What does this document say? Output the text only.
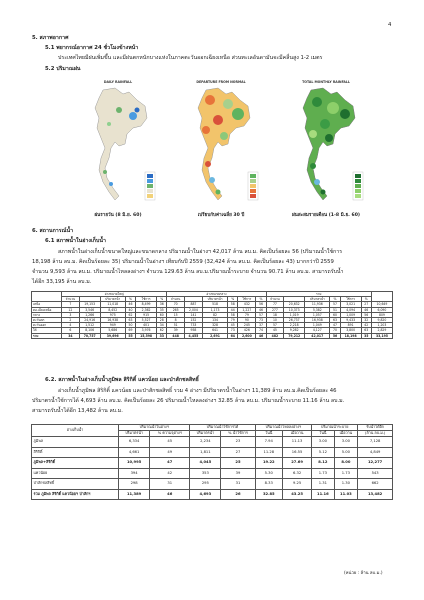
4
5. สภาพอากาศ
5.1 พยากรณ์อากาศ 24 ชั่วโมงข้างหน้า
ประเทศไทยมีฝนเพิ่มขึ้น และมีฝนตกหนักบางแห่งในภาคตะวันออกเฉียงเหนือ ส่วนทะเลอันดามันจะมีคลื่นสูง 1-2 เมตร
5.2 ปริมาณฝน
DAILY RAINFALL	DEPARTURE FROM NORMAL	TOTAL MONTHLY RAINFALL
ฝนรายวัน (8 มิ.ย. 60)	เปรียบกับค่าเฉลี่ย 30 ปี	ฝนสะสมรายเดือน (1-8 มิ.ย. 60)
6. สถานการณ์น้ำ
6.1 สภาพน้ำในอ่างเก็บน้ำ
สภาพน้ำในอ่างเก็บน้ำขนาดใหญ่และขนาดกลาง ปริมาณน้ำในอ่างฯ 42,017 ล้าน ลบ.ม. คิดเป็นร้อยละ 56 (ปริมาณน้ำใช้การ
18,198 ล้าน ลบ.ม. คิดเป็นร้อยละ 35) ปริมาณน้ำในอ่างฯ เทียบกับปี 2559 (32,424 ล้าน ลบ.ม. คิดเป็นร้อยละ 43) มากกว่าปี 2559
จำนวน 9,593 ล้าน ลบ.ม. ปริมาณน้ำไหลลงอ่างฯ จำนวน 129.63 ล้าน ลบ.ม.ปริมาณน้ำระบาย จำนวน 90.71 ล้าน ลบ.ม. สามารถรับน้ำ
ได้อีก 33,195 ล้าน ลบ.ม.
	อ่างขนาดใหญ่						อ่างขนาดกลาง						รวม						
	จำนวน		ปริมาตรน้ำ	%	ใช้การ	%	จำนวน		ปริมาตรน้ำ	%	ใช้การ	%	จำนวน		ปริมาตรน้ำ	%	ใช้การ	%	
เหนือ	7	19,153	11,018	46	8,499	36	70	887	518	58	432	56	77	20,632	11,936	57	3,021	27	10,649
ตอ.เฉียงเหนือ	12	3,546	8,452	40	2,362	35	265	2,004	1,173	44	1,227	46	277	10,373	5,382	51	4,094	46	6,090
กลาง	3	1,266	975	62	915	60	15	141	82	58	79	57	18	1,019	1,057	60	1,009	56	809
ตะวันตก	2	24,916	16,938	63	5,527	28	8	152	134	79	90	73	10	26,737	16,938	63	9,433	32	9,820
ตะวันออก	4	1,512	949	50	401	34	51	733	328	45	245	37	57	2,218	1,049	47	891	42	1,203
ใต้	6	8,106	5,686	69	3,976	62	39	958	641	73	426	74	45	9,282	4,127	70	3,800	63	2,829
รวม	34	70,757	39,696	55	15,598	33	448	4,455	2,691	64	2,600	46	482	79,212	42,017	56	18,198	35	33,195
6.2. สภาพน้ำในอ่างเก็บน้ำภูมิพล สิริกิติ์ แควน้อย และป่าสักชลสิทธิ์
อ่างเก็บน้ำภูมิพล สิริกิติ์ แควน้อย และป่าสักชลสิทธิ์ รวม 4 อ่างฯ มีปริมาตรน้ำในอ่างฯ 11,389 ล้าน ลบ.ม.คิดเป็นร้อยละ 46
ปริมาตรน้ำใช้การได้ 4,693 ล้าน ลบ.ม. คิดเป็นร้อยละ 26 ปริมาณน้ำไหลลงอ่างฯ 32.85 ล้าน ลบ.ม. ปริมาณน้ำระบาย 11.16 ล้าน ลบ.ม.
สามารถรับน้ำได้อีก 13,482 ล้าน ลบ.ม.
อ่างเก็บน้ำ	ปริมาณน้ำในอ่างฯ		ปริมาณน้ำใช้การได้		ปริมาณน้ำไหลลงอ่างฯ		ปริมาณน้ำระบาย		รับน้ำได้อีก
	ปริมาตรน้ำ	% ความจุอ่างฯ	ปริมาตรน้ำ	% น้ำใช้การ	วันนี้	เมื่อวาน	วันนี้	เมื่อวาน	(ล้าน ลบ.ม.)
ภูมิพล	6,334	45	2,234	23	7.94	11.13	3.00	3.00	7,128
สิริกิติ์	4,661	49	1,811	27	11.28	16.55	5.12	5.00	4,849
ภูมิพล+สิริกิติ์	10,995	47	4,045	25	19.22	27.69	8.12	8.00	12,277
แควน้อย	394	42	353	39	5.30	6.32	1.73	1.73	543
ป่าสักชลสิทธิ์	298	31	295	31	8.33	9.25	1.31	1.30	662
รวม ภูมิพล สิริกิติ์ แควน้อยฯ ป่าสักฯ	11,389	46	4,693	26	32.85	43.25	11.16	11.03	13,482
(หน่วย : ล้าน ลบ.ม.)
